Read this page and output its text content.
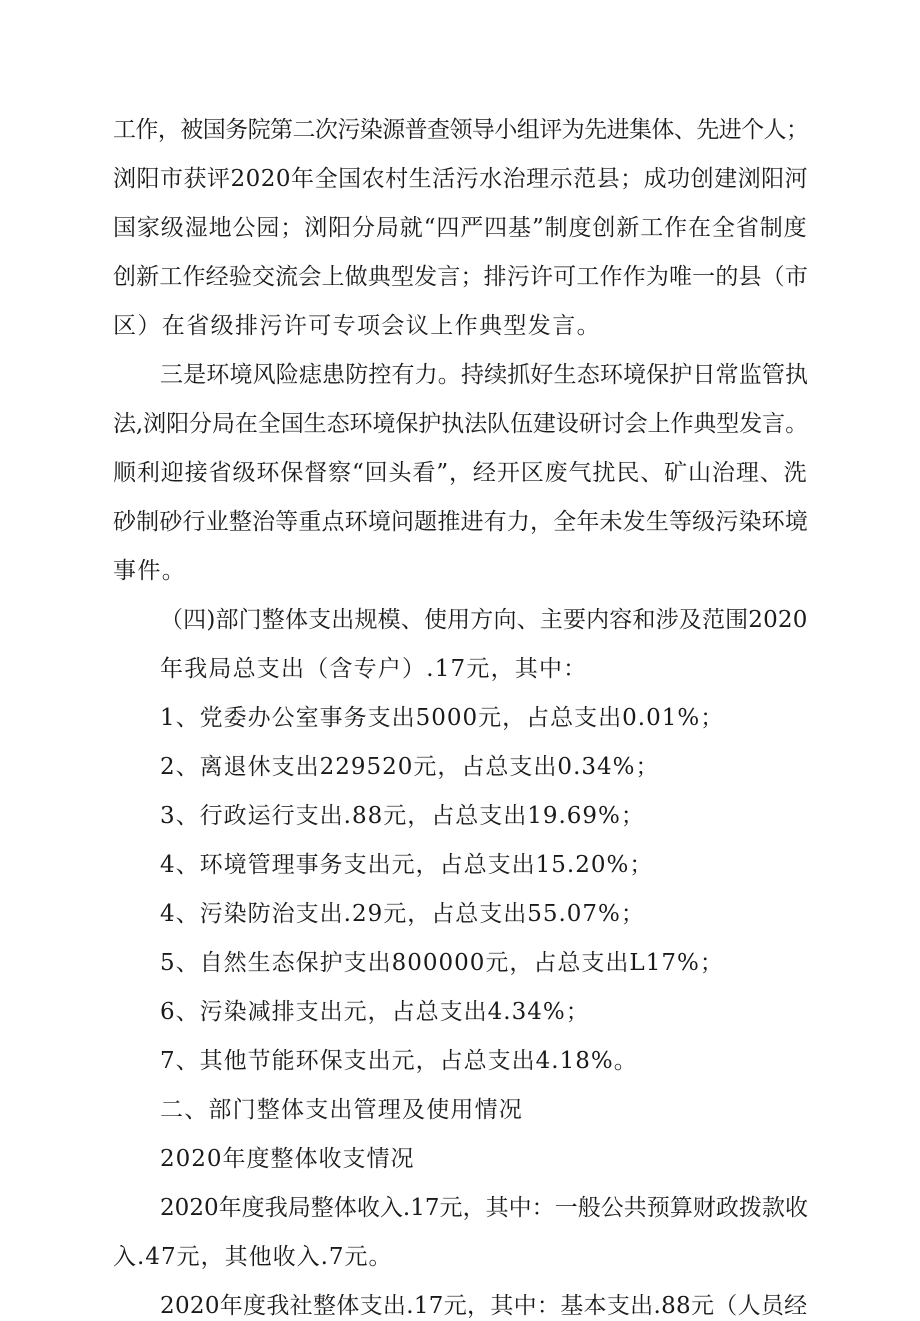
工作，被国务院第二次污染源普查领导小组评为先进集体、先进个人；
浏阳市获评2020年全国农村生活污水治理示范县；成功创建浏阳河
国家级湿地公园；浏阳分局就“四严四基”制度创新工作在全省制度
创新工作经验交流会上做典型发言；排污许可工作作为唯一的县（市
区）在省级排污许可专项会议上作典型发言。
三是环境风险痣患防控有力。持续抓好生态环境保护日常监管执
法,浏阳分局在全国生态环境保护执法队伍建设研讨会上作典型发言。
顺利迎接省级环保督察“回头看”，经开区废气扰民、矿山治理、洗
砂制砂行业整治等重点环境问题推进有力，全年未发生等级污染环境
事件。
（四)部门整体支出规模、使用方向、主要内容和涉及范围2020
年我局总支出（含专户）.17元，其中：
1、党委办公室事务支出5000元，占总支出0.01%；
2、离退休支出229520元，占总支出0.34%；
3、行政运行支出.88元，占总支出19.69%；
4、环境管理事务支出元，占总支出15.20%；
4、污染防治支出.29元，占总支出55.07%；
5、自然生态保护支出800000元，占总支出L17%；
6、污染减排支出元，占总支出4.34%；
7、其他节能环保支出元，占总支出4.18%。
二、部门整体支出管理及使用情况
2020年度整体收支情况
2020年度我局整体收入.17元，其中：一般公共预算财政拨款收
入.47元，其他收入.7元。
2020年度我社整体支出.17元，其中：基本支出.88元（人员经
